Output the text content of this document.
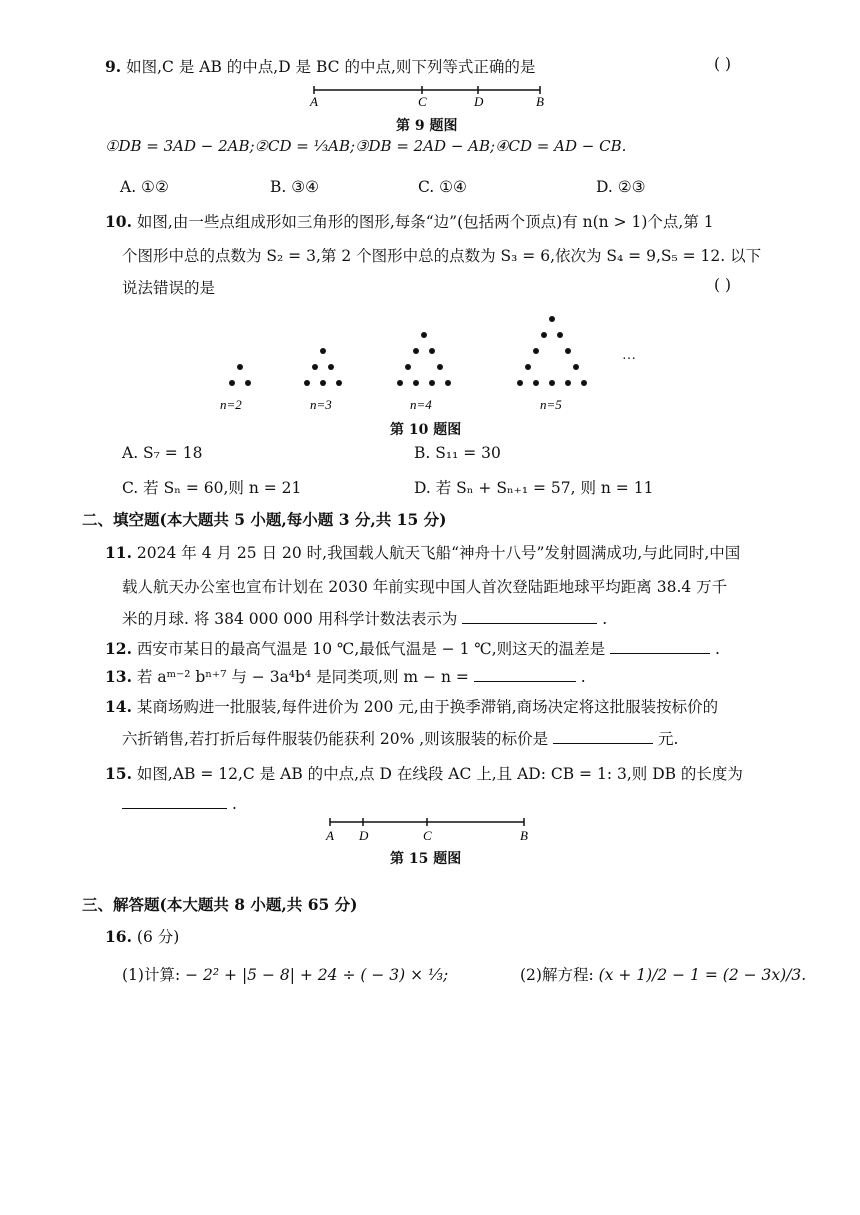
9. 如图,C 是 AB 的中点,D 是 BC 的中点,则下列等式正确的是	( )
A	C	D	B
第 9 题图
①DB = 3AD − 2AB;②CD = ⅓AB;③DB = 2AD − AB;④CD = AD − CB.
A. ①②	B. ③④	C. ①④	D. ②③
10. 如图,由一些点组成形如三角形的图形,每条“边”(包括两个顶点)有 n(n > 1)个点,第 1
个图形中总的点数为 S₂ = 3,第 2 个图形中总的点数为 S₃ = 6,依次为 S₄ = 9,S₅ = 12. 以下
说法错误的是	( )
n=2	n=3	n=4	n=5
···
第 10 题图
A. S₇ = 18	B. S₁₁ = 30
C. 若 Sₙ = 60,则 n = 21	D. 若 Sₙ + Sₙ₊₁ = 57, 则 n = 11
二、填空题(本大题共 5 小题,每小题 3 分,共 15 分)
11. 2024 年 4 月 25 日 20 时,我国载人航天飞船“神舟十八号”发射圆满成功,与此同时,中国
载人航天办公室也宣布计划在 2030 年前实现中国人首次登陆距地球平均距离 38.4 万千
米的月球. 将 384 000 000 用科学计数法表示为	.
12. 西安市某日的最高气温是 10 ℃,最低气温是 − 1 ℃,则这天的温差是	.
13. 若 aᵐ⁻² bⁿ⁺⁷ 与 − 3a⁴b⁴ 是同类项,则 m − n =	.
14. 某商场购进一批服装,每件进价为 200 元,由于换季滞销,商场决定将这批服装按标价的
六折销售,若打折后每件服装仍能获利 20% ,则该服装的标价是	元.
15. 如图,AB = 12,C 是 AB 的中点,点 D 在线段 AC 上,且 AD: CB = 1: 3,则 DB 的长度为
.
A D	C	B
第 15 题图
三、解答题(本大题共 8 小题,共 65 分)
16. (6 分)
(1)计算: − 2² + |5 − 8| + 24 ÷ ( − 3) × ⅓;	(2)解方程: (x + 1)/2 − 1 = (2 − 3x)/3.
